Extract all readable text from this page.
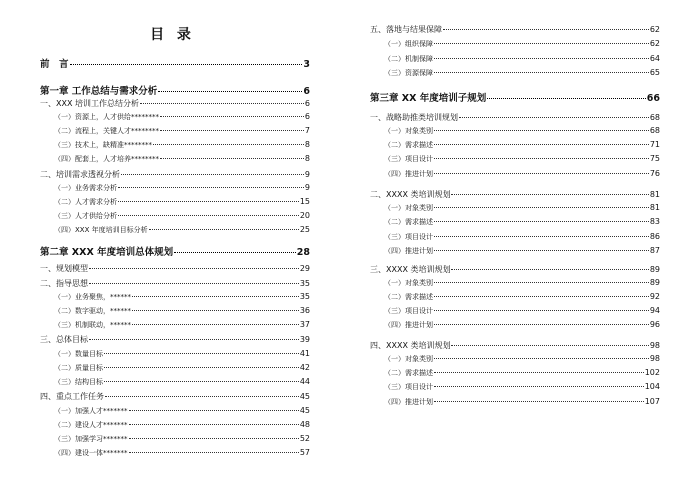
目 录
前　言	3
第一章 工作总结与需求分析	6
一、XXX 培训工作总结分析	6
（一）资源上，人才供给********	6
（二）流程上，关键人才********	7
（三）技术上，缺精准********	8
（四）配套上，人才培养********	8
二、培训需求透视分析	9
（一）业务需求分析	9
（二）人才需求分析	15
（三）人才供给分析	20
（四）XXX 年度培训目标分析	25
第二章 XXX 年度培训总体规划	28
一、规划模型	29
二、指导思想	35
（一）业务聚焦，******	35
（二）数字驱动，******	36
（三）机制联动，******	37
三、总体目标	39
（一）数量目标	41
（二）质量目标	42
（三）结构目标	44
四、重点工作任务	45
（一）加强人才*******	45
（二）建设人才*******	48
（三）加强学习*******	52
（四）建设一体*******	57
五、落地与结果保障	62
（一）组织保障	62
（二）机制保障	64
（三）资源保障	65
第三章 XX 年度培训子规划	66
一、战略助推类培训规划	68
（一）对象类别	68
（二）需求描述	71
（三）项目设计	75
（四）推进计划	76
二、XXXX 类培训规划	81
（一）对象类别	81
（二）需求描述	83
（三）项目设计	86
（四）推进计划	87
三、XXXX 类培训规划	89
（一）对象类别	89
（二）需求描述	92
（三）项目设计	94
（四）推进计划	96
四、XXXX 类培训规划	98
（一）对象类别	98
（二）需求描述	102
（三）项目设计	104
（四）推进计划	107
